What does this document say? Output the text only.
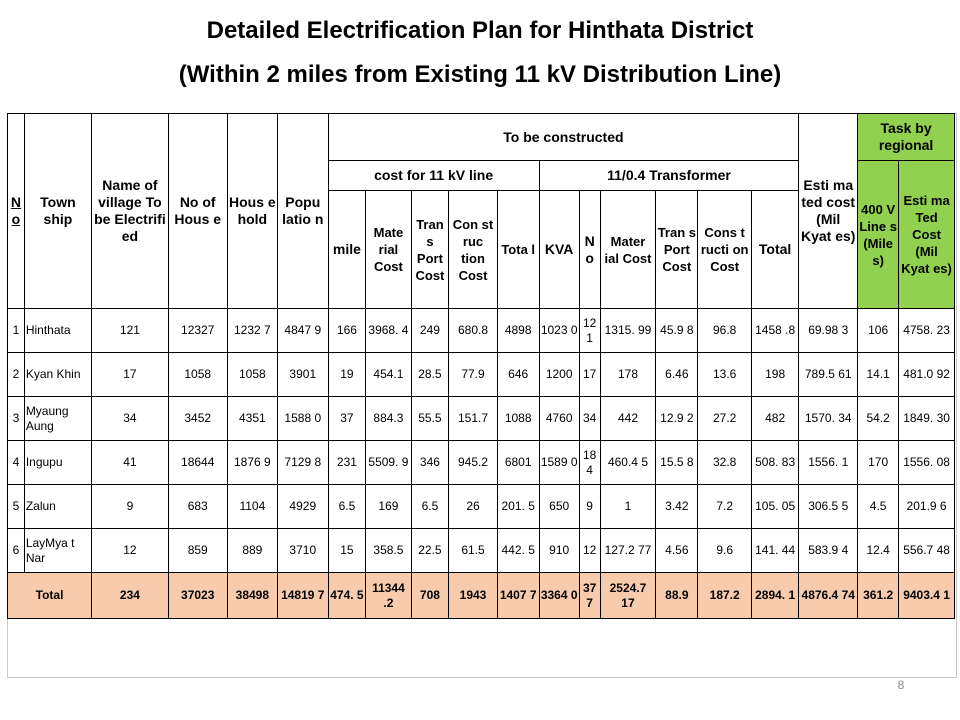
Detailed Electrification Plan for Hinthata District
(Within 2 miles from Existing 11 kV Distribution Line)
No	Town ship	Name of village To be Electrifi ed	No of Hous e	Hous e hold	Popu latio n	To be constructed											Esti ma ted cost (Mil Kyat es)	Task by regional	
						cost for 11 kV line					11/0.4 Transformer							400 V Line s (Mile s)	Esti ma Ted Cost (Mil Kyat es)
						mile	Mate rial Cost	Tran s Port Cost	Con st ruc tion Cost	Tota l	KVA	No	Mater ial Cost	Tran s Port Cost	Cons t ructi on Cost	Total			
1	Hinthata	121	12327	1232 7	4847 9	166	3968. 4	249	680.8	4898	1023 0	12 1	1315. 99	45.9 8	96.8	1458 .8	69.98 3	106	4758. 23
2	Kyan Khin	17	1058	1058	3901	19	454.1	28.5	77.9	646	1200	17	178	6.46	13.6	198	789.5 61	14.1	481.0 92
3	Myaung Aung	34	3452	4351	1588 0	37	884.3	55.5	151.7	1088	4760	34	442	12.9 2	27.2	482	1570. 34	54.2	1849. 30
4	Ingupu	41	18644	1876 9	7129 8	231	5509. 9	346	945.2	6801	1589 0	18 4	460.4 5	15.5 8	32.8	508. 83	1556. 1	170	1556. 08
5	Zalun	9	683	1104	4929	6.5	169	6.5	26	201. 5	650	9	1	3.42	7.2	105. 05	306.5 5	4.5	201.9 6
6	LayMya t Nar	12	859	889	3710	15	358.5	22.5	61.5	442. 5	910	12	127.2 77	4.56	9.6	141. 44	583.9 4	12.4	556.7 48
Total		234	37023	38498	14819 7	474. 5	11344 .2	708	1943	1407 7	3364 0	377	2524.7 17	88.9	187.2	2894. 1	4876.4 74	361.2	9403.4 1
8
